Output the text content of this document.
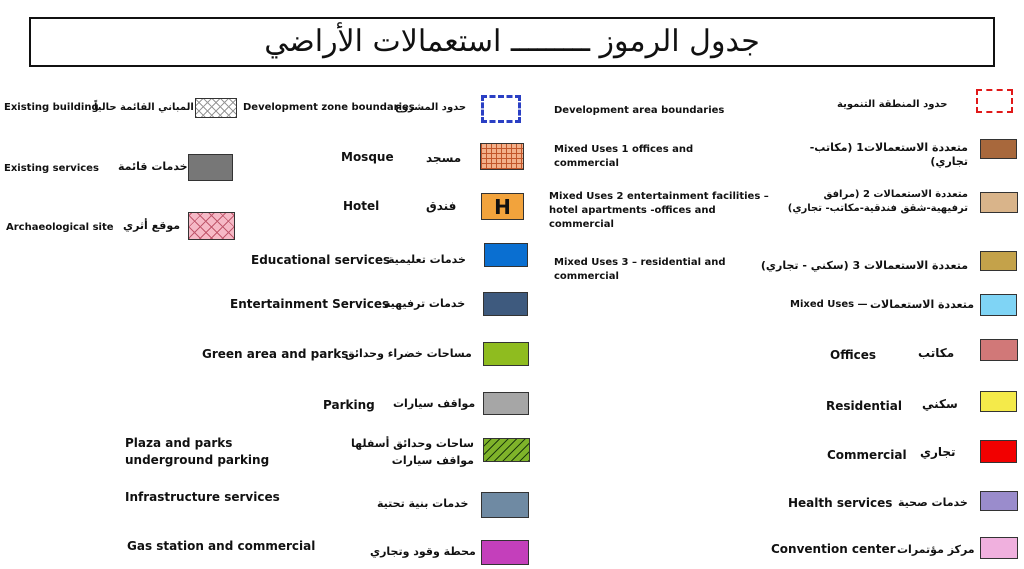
جدول الرموز ـــــــــ استعمالات الأراضي
Existing building
المباني القائمة حالياً
Existing services خدمات قائمة
Archaeological site موقع أثري
Development zone boundaries
حدود المشروع
Mosque	مسجد
Hotel	فندق	H
Educational services
خدمات تعليمية
Entertainment Services
خدمات ترفيهية
Green area and parks
مساحات خضراء وحدائق
Parking مواقف سيارات
Plaza and parks underground parking
ساحات وحدائق أسفلها مواقف سيارات
Infrastructure services	خدمات بنية تحتية
Gas station and commercial	محطة وقود وتجاري
Development area boundaries
Mixed Uses 1 offices and commercial
Mixed Uses 2 entertainment facilities –hotel apartments -offices and commercial
Mixed Uses 3 – residential and commercial
Mixed Uses —
Offices
Residential
Commercial
Health services
Convention center
حدود المنطقة التنموية
متعددة الاستعمالات1 (مكاتب-تجاري)
متعددة الاستعمالات 2 (مرافق ترفيهية-شقق فندقية-مكاتب- تجاري)
متعددة الاستعمالات 3 (سكني - تجاري)
متعددة الاستعمالات
مكاتب
سكني
تجاري
خدمات صحية
مركز مؤتمرات
